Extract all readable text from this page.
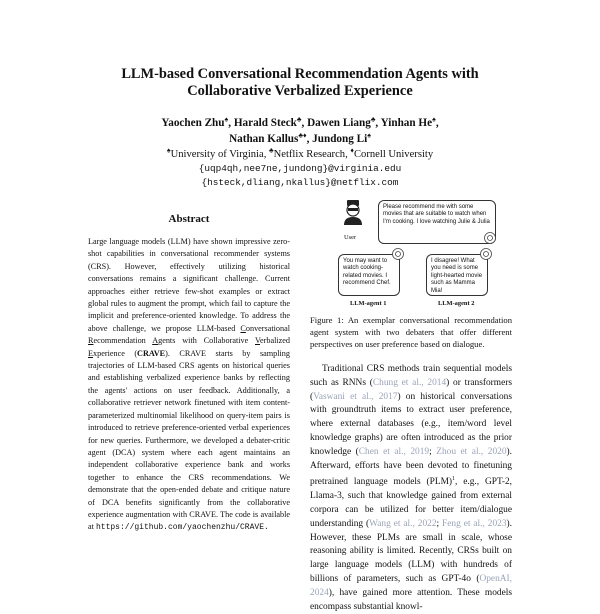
LLM-based Conversational Recommendation Agents with
Collaborative Verbalized Experience
Yaochen Zhu♠, Harald Steck♣, Dawen Liang♣, Yinhan He♠,
Nathan Kallus♣♦, Jundong Li♠
♠University of Virginia, ♣Netflix Research, ♦Cornell University
{uqp4qh,nee7ne,jundong}@virginia.edu
{hsteck,dliang,nkallus}@netflix.com
Abstract

Large language models (LLM) have shown impressive zero-shot capabilities in conversational recommender systems (CRS). However, effectively utilizing historical conversations remains a significant challenge. Current approaches either retrieve few-shot examples or extract global rules to augment the prompt, which fail to capture the implicit and preference-oriented knowledge. To address the above challenge, we propose LLM-based Conversational Recommendation Agents with Collaborative Verbalized Experience (CRAVE). CRAVE starts by sampling trajectories of LLM-based CRS agents on historical queries and establishing verbalized experience banks by reflecting the agents' actions on user feedback. Additionally, a collaborative retriever network finetuned with item content-parameterized multinomial likelihood on query-item pairs is introduced to retrieve preference-oriented verbal experiences for new queries. Furthermore, we developed a debater-critic agent (DCA) system where each agent maintains an independent collaborative experience bank and works together to enhance the CRS recommendations. We demonstrate that the open-ended debate and critique nature of DCA benefits significantly from the collaborative experience augmentation with CRAVE. The code is available at https://github.com/yaochenzhu/CRAVE.

User
Please recommend me with some movies that are suitable to watch when I'm cooking. I love watching Julie & Julia
You may want to watch cooking-related movies. I recommend Chef.
I disagree! What you need is some light-hearted movie such as Mamma Mia!
LLM-agent 1	LLM-agent 2

Figure 1: An exemplar conversational recommendation agent system with two debaters that offer different perspectives on user preference based on dialogue.

Traditional CRS methods train sequential models such as RNNs (Chung et al., 2014) or transformers (Vaswani et al., 2017) on historical conversations with groundtruth items to extract user preference, where external databases (e.g., item/word level knowledge graphs) are often introduced as the prior knowledge (Chen et al., 2019; Zhou et al., 2020). Afterward, efforts have been devoted to finetuning pretrained language models (PLM)$^1$, e.g., GPT-2, Llama-3, such that knowledge gained from external corpora can be utilized for better item/dialogue understanding (Wang et al., 2022; Feng et al., 2023). However, these PLMs are small in scale, whose reasoning ability is limited. Recently, CRSs built on large language models (LLM) with hundreds of billions of parameters, such as GPT-4o (OpenAI, 2024), have gained more attention. These models encompass substantial knowl-
